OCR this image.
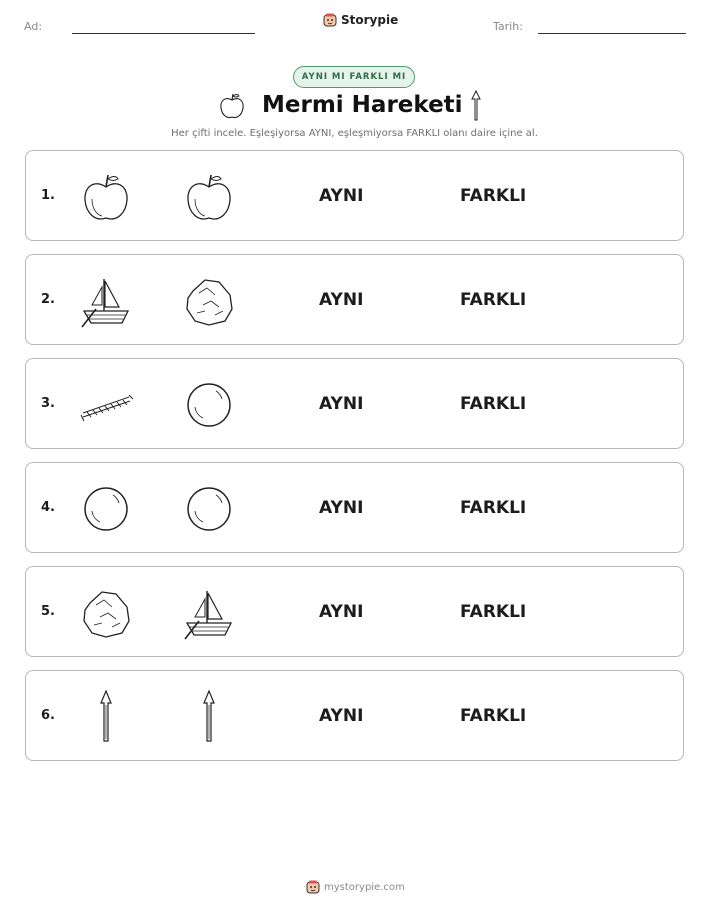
Ad:	Storypie	Tarih:
AYNI MI FARKLI MI
Mermi Hareketi
Her çifti incele. Eşleşiyorsa AYNI, eşleşmiyorsa FARKLI olanı daire içine al.
1.	AYNI	FARKLI
2.	AYNI	FARKLI
3.	AYNI	FARKLI
4.	AYNI	FARKLI
5.	AYNI	FARKLI
6.	AYNI	FARKLI
mystorypie.com
